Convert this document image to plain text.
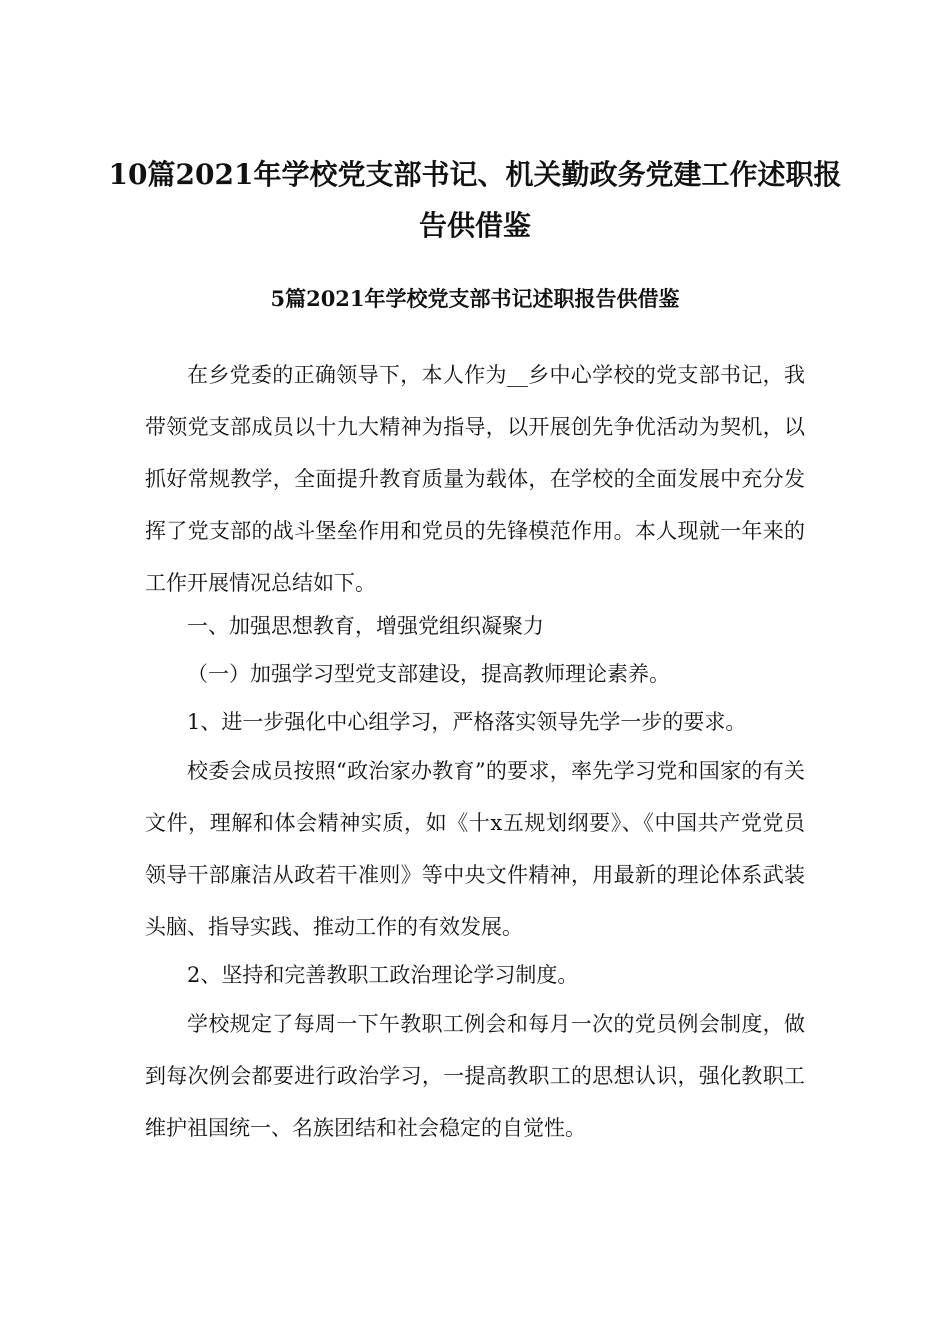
10篇2021年学校党支部书记、机关勤政务党建工作述职报
告供借鉴
5篇2021年学校党支部书记述职报告供借鉴

在乡党委的正确领导下，本人作为__乡中心学校的党支部书记，我带领党支部成员以十九大精神为指导，以开展创先争优活动为契机，以抓好常规教学，全面提升教育质量为载体，在学校的全面发展中充分发挥了党支部的战斗堡垒作用和党员的先锋模范作用。本人现就一年来的工作开展情况总结如下。

一、加强思想教育，增强党组织凝聚力

（一）加强学习型党支部建设，提高教师理论素养。

1、进一步强化中心组学习，严格落实领导先学一步的要求。

校委会成员按照“政治家办教育”的要求，率先学习党和国家的有关文件，理解和体会精神实质，如《十x五规划纲要》、《中国共产党党员领导干部廉洁从政若干准则》等中央文件精神，用最新的理论体系武装头脑、指导实践、推动工作的有效发展。

2、坚持和完善教职工政治理论学习制度。

学校规定了每周一下午教职工例会和每月一次的党员例会制度，做到每次例会都要进行政治学习，一提高教职工的思想认识，强化教职工维护祖国统一、名族团结和社会稳定的自觉性。
